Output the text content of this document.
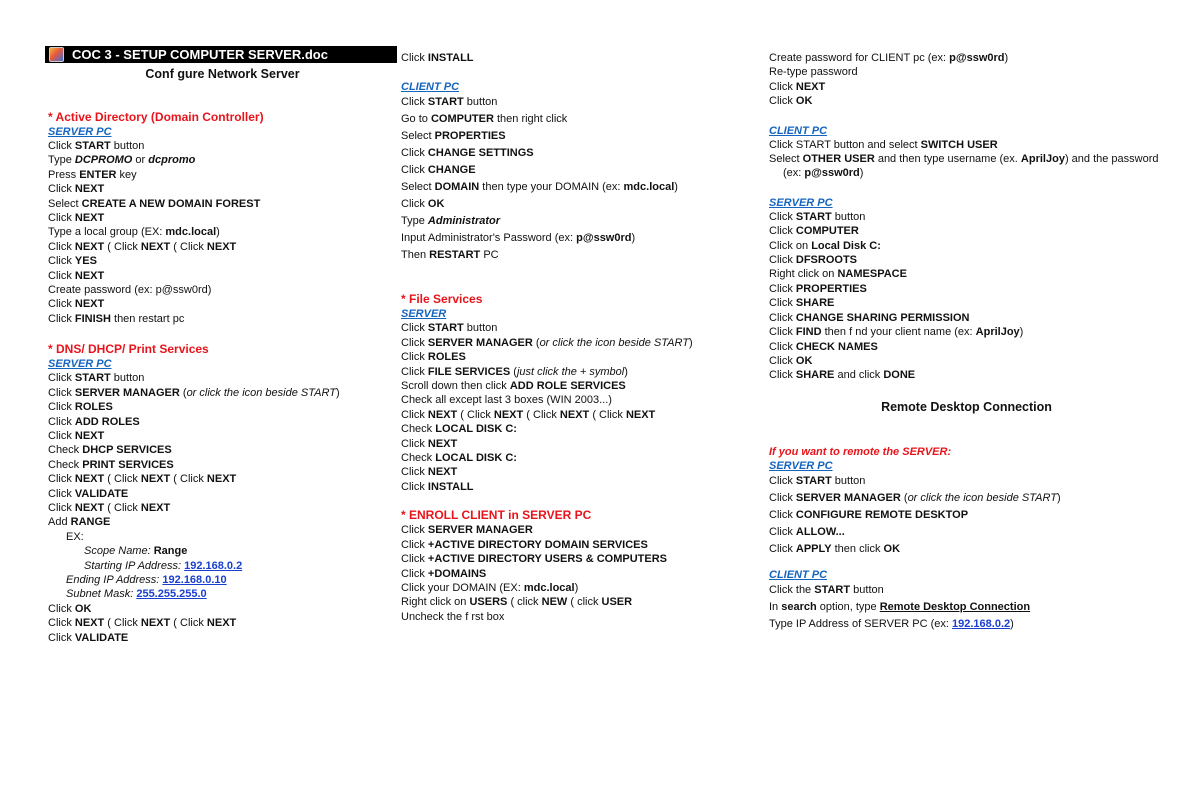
COC 3 - SETUP COMPUTER SERVER.doc
Conf gure Network Server
* Active Directory (Domain Controller)
SERVER PC
Click START button
Type DCPROMO or dcpromo
Press ENTER key
Click NEXT
Select CREATE A NEW DOMAIN FOREST
Click NEXT
Type a local group (EX: mdc.local)
Click NEXT ( Click NEXT ( Click NEXT
Click YES
Click NEXT
Create password (ex: p@ssw0rd)
Click NEXT
Click FINISH then restart pc
* DNS/ DHCP/ Print Services
SERVER PC
Click START button
Click SERVER MANAGER (or click the icon beside START)
Click ROLES
Click ADD ROLES
Click NEXT
Check DHCP SERVICES
Check PRINT SERVICES
Click NEXT ( Click NEXT ( Click NEXT
Click VALIDATE
Click NEXT ( Click NEXT
Add RANGE
EX:
Scope Name: Range
Starting IP Address: 192.168.0.2
Ending IP Address: 192.168.0.10
Subnet Mask: 255.255.255.0
Click OK
Click NEXT ( Click NEXT ( Click NEXT
Click VALIDATE
Click INSTALL
CLIENT PC
Click START button
Go to COMPUTER then right click
Select PROPERTIES
Click CHANGE SETTINGS
Click CHANGE
Select DOMAIN then type your DOMAIN (ex: mdc.local)
Click OK
Type Administrator
Input Administrator's Password (ex: p@ssw0rd)
Then RESTART PC
* File Services
SERVER
Click START button
Click SERVER MANAGER (or click the icon beside START)
Click ROLES
Click FILE SERVICES (just click the + symbol)
Scroll down then click ADD ROLE SERVICES
Check all except last 3 boxes (WIN 2003...)
Click NEXT ( Click NEXT ( Click NEXT ( Click NEXT
Check LOCAL DISK C:
Click NEXT
Check LOCAL DISK C:
Click NEXT
Click INSTALL
* ENROLL CLIENT in SERVER PC
Click SERVER MANAGER
Click +ACTIVE DIRECTORY DOMAIN SERVICES
Click +ACTIVE DIRECTORY USERS & COMPUTERS
Click +DOMAINS
Click your DOMAIN (EX: mdc.local)
Right click on USERS ( click NEW ( click USER
Uncheck the f rst box
Create password for CLIENT pc (ex: p@ssw0rd)
Re-type password
Click NEXT
Click OK
CLIENT PC
Click START button and select SWITCH USER
Select OTHER USER and then type username (ex. AprilJoy) and the password (ex: p@ssw0rd)
SERVER PC
Click START button
Click COMPUTER
Click on Local Disk C:
Click DFSROOTS
Right click on NAMESPACE
Click PROPERTIES
Click SHARE
Click CHANGE SHARING PERMISSION
Click FIND then f nd your client name (ex: AprilJoy)
Click CHECK NAMES
Click OK
Click SHARE and click DONE
Remote Desktop Connection
If you want to remote the SERVER:
SERVER PC
Click START button
Click SERVER MANAGER (or click the icon beside START)
Click CONFIGURE REMOTE DESKTOP
Click ALLOW...
Click APPLY then click OK
CLIENT PC
Click the START button
In search option, type Remote Desktop Connection
Type IP Address of SERVER PC (ex: 192.168.0.2)
